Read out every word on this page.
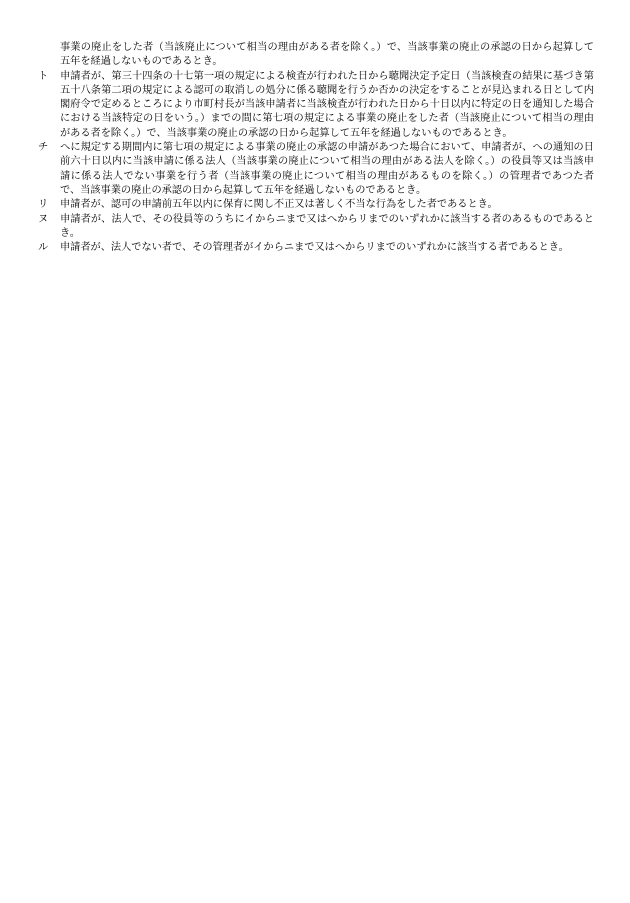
事業の廃止をした者（当該廃止について相当の理由がある者を除く。）で、当該事業の廃止の承認の日から起算して五年を経過しないものであるとき。
ト 申請者が、第三十四条の十七第一項の規定による検査が行われた日から聴聞決定予定日（当該検査の結果に基づき第五十八条第二項の規定による認可の取消しの処分に係る聴聞を行うか否かの決定をすることが見込まれる日として内閣府令で定めるところにより市町村長が当該申請者に当該検査が行われた日から十日以内に特定の日を通知した場合における当該特定の日をいう。）までの間に第七項の規定による事業の廃止をした者（当該廃止について相当の理由がある者を除く。）で、当該事業の廃止の承認の日から起算して五年を経過しないものであるとき。
チ へに規定する期間内に第七項の規定による事業の廃止の承認の申請があつた場合において、申請者が、への通知の日前六十日以内に当該申請に係る法人（当該事業の廃止について相当の理由がある法人を除く。）の役員等又は当該申請に係る法人でない事業を行う者（当該事業の廃止について相当の理由があるものを除く。）の管理者であつた者で、当該事業の廃止の承認の日から起算して五年を経過しないものであるとき。
リ 申請者が、認可の申請前五年以内に保育に関し不正又は著しく不当な行為をした者であるとき。
ヌ 申請者が、法人で、その役員等のうちにイからニまで又はへからリまでのいずれかに該当する者のあるものであるとき。
ル 申請者が、法人でない者で、その管理者がイからニまで又はへからリまでのいずれかに該当する者であるとき。
